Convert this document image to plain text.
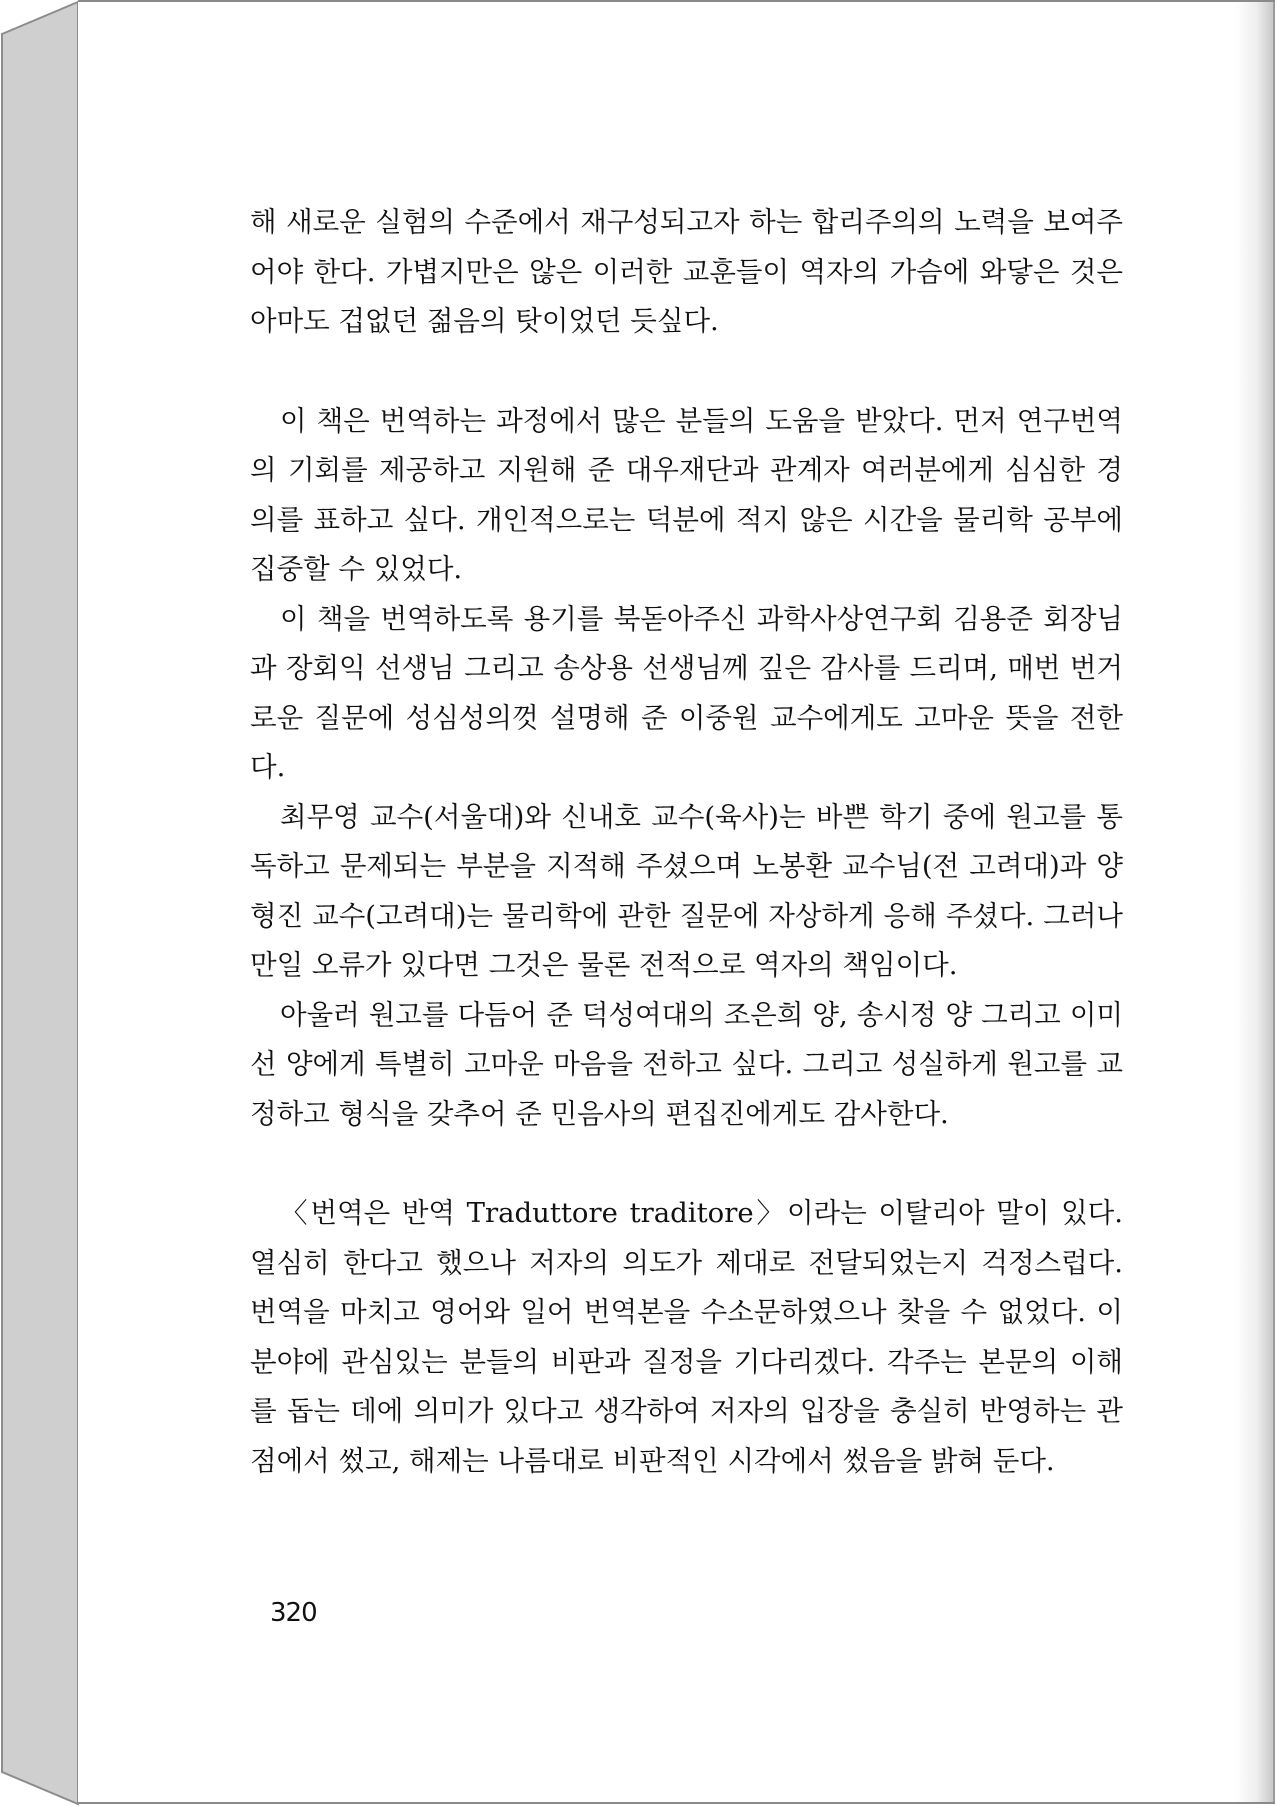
해 새로운 실험의 수준에서 재구성되고자 하는 합리주의의 노력을 보여주어야 한다. 가볍지만은 않은 이러한 교훈들이 역자의 가슴에 와닿은 것은 아마도 겁없던 젊음의 탓이었던 듯싶다.

이 책은 번역하는 과정에서 많은 분들의 도움을 받았다. 먼저 연구번역의 기회를 제공하고 지원해 준 대우재단과 관계자 여러분에게 심심한 경의를 표하고 싶다. 개인적으로는 덕분에 적지 않은 시간을 물리학 공부에 집중할 수 있었다.

이 책을 번역하도록 용기를 북돋아주신 과학사상연구회 김용준 회장님과 장회익 선생님 그리고 송상용 선생님께 깊은 감사를 드리며, 매번 번거로운 질문에 성심성의껏 설명해 준 이중원 교수에게도 고마운 뜻을 전한다.

최무영 교수(서울대)와 신내호 교수(육사)는 바쁜 학기 중에 원고를 통독하고 문제되는 부분을 지적해 주셨으며 노봉환 교수님(전 고려대)과 양형진 교수(고려대)는 물리학에 관한 질문에 자상하게 응해 주셨다. 그러나 만일 오류가 있다면 그것은 물론 전적으로 역자의 책임이다.

아울러 원고를 다듬어 준 덕성여대의 조은희 양, 송시정 양 그리고 이미선 양에게 특별히 고마운 마음을 전하고 싶다. 그리고 성실하게 원고를 교정하고 형식을 갖추어 준 민음사의 편집진에게도 감사한다.

〈번역은 반역 Traduttore traditore〉이라는 이탈리아 말이 있다. 열심히 한다고 했으나 저자의 의도가 제대로 전달되었는지 걱정스럽다. 번역을 마치고 영어와 일어 번역본을 수소문하였으나 찾을 수 없었다. 이 분야에 관심있는 분들의 비판과 질정을 기다리겠다. 각주는 본문의 이해를 돕는 데에 의미가 있다고 생각하여 저자의 입장을 충실히 반영하는 관점에서 썼고, 해제는 나름대로 비판적인 시각에서 썼음을 밝혀 둔다.

320
